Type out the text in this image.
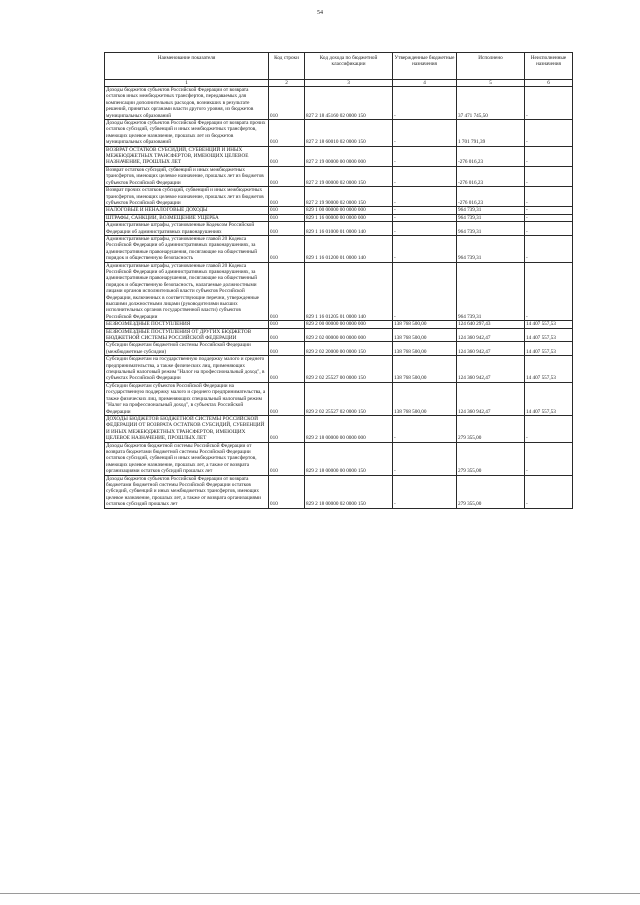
54
Наименование показателя	Код строки	Код дохода по бюджетной классификации	Утвержденные бюджетные назначения	Исполнено	Неисполненные назначения
1	2	3	4	5	6
Доходы бюджетов субъектов Российской Федерации от возврата остатков иных межбюджетных трансфертов, передаваемых для компенсации дополнительных расходов, возникших в результате решений, принятых органами власти другого уровня, из бюджетов муниципальных образований	010	827 2 18 45160 02 0000 150	-	37 471 745,50	-
Доходы бюджетов субъектов Российской Федерации от возврата прочих остатков субсидий, субвенций и иных межбюджетных трансфертов, имеющих целевое назначение, прошлых лет из бюджетов муниципальных образований	010	827 2 18 60010 02 0000 150	-	1 701 791,39	-
ВОЗВРАТ ОСТАТКОВ СУБСИДИЙ, СУБВЕНЦИЙ И ИНЫХ МЕЖБЮДЖЕТНЫХ ТРАНСФЕРТОВ, ИМЕЮЩИХ ЦЕЛЕВОЕ НАЗНАЧЕНИЕ, ПРОШЛЫХ ЛЕТ	010	827 2 19 00000 00 0000 000	-	-276 016,23	-
Возврат остатков субсидий, субвенций и иных межбюджетных трансфертов, имеющих целевое назначение, прошлых лет из бюджетов субъектов Российской Федерации	010	827 2 19 00000 02 0000 150	-	-276 016,23	-
Возврат прочих остатков субсидий, субвенций и иных межбюджетных трансфертов, имеющих целевое назначение, прошлых лет из бюджетов субъектов Российской Федерации	010	827 2 19 90000 02 0000 150	-	-276 016,23	-
НАЛОГОВЫЕ И НЕНАЛОГОВЫЕ ДОХОДЫ	010	829 1 00 00000 00 0000 000	-	964 739,31	-
ШТРАФЫ, САНКЦИИ, ВОЗМЕЩЕНИЕ УЩЕРБА	010	829 1 16 00000 00 0000 000	-	964 739,31	-
Административные штрафы, установленные Кодексом Российской Федерации об административных правонарушениях	010	829 1 16 01000 01 0000 140	-	964 739,31	-
Административные штрафы, установленные главой 20 Кодекса Российской Федерации об административных правонарушениях, за административные правонарушения, посягающие на общественный порядок и общественную безопасность	010	829 1 16 01200 01 0000 140	-	964 739,31	-
Административные штрафы, установленные главой 20 Кодекса Российской Федерации об административных правонарушениях, за административные правонарушения, посягающие на общественный порядок и общественную безопасность, налагаемые должностными лицами органов исполнительной власти субъектов Российской Федерации, включенных в соответствующие перечни, утвержденные высшими должностными лицами (руководителями высших исполнительных органов государственной власти) субъектов Российской Федерации	010	829 1 16 01205 01 0000 140	-	964 739,31	-
БЕЗВОЗМЕЗДНЫЕ ПОСТУПЛЕНИЯ	010	829 2 00 00000 00 0000 000	138 768 500,00	124 640 297,43	14 407 557,53
БЕЗВОЗМЕЗДНЫЕ ПОСТУПЛЕНИЯ ОТ ДРУГИХ БЮДЖЕТОВ БЮДЖЕТНОЙ СИСТЕМЫ РОССИЙСКОЙ ФЕДЕРАЦИИ	010	829 2 02 00000 00 0000 000	138 768 500,00	124 360 942,47	14 407 557,53
Субсидии бюджетам бюджетной системы Российской Федерации (межбюджетные субсидии)	010	829 2 02 20000 00 0000 150	138 768 500,00	124 360 942,47	14 407 557,53
Субсидии бюджетам на государственную поддержку малого и среднего предпринимательства, а также физических лиц, применяющих специальный налоговый режим "Налог на профессиональный доход", в субъектах Российской Федерации	010	829 2 02 25527 00 0000 150	138 768 500,00	124 360 942,47	14 407 557,53
Субсидии бюджетам субъектов Российской Федерации на государственную поддержку малого и среднего предпринимательства, а также физических лиц, применяющих специальный налоговый режим "Налог на профессиональный доход", в субъектах Российской Федерации	010	829 2 02 25527 02 0000 150	138 768 500,00	124 360 942,47	14 407 557,53
ДОХОДЫ БЮДЖЕТОВ БЮДЖЕТНОЙ СИСТЕМЫ РОССИЙСКОЙ ФЕДЕРАЦИИ ОТ ВОЗВРАТА ОСТАТКОВ СУБСИДИЙ, СУБВЕНЦИЙ И ИНЫХ МЕЖБЮДЖЕТНЫХ ТРАНСФЕРТОВ, ИМЕЮЩИХ ЦЕЛЕВОЕ НАЗНАЧЕНИЕ, ПРОШЛЫХ ЛЕТ	010	829 2 18 00000 00 0000 000	-	279 355,00	-
Доходы бюджетов бюджетной системы Российской Федерации от возврата бюджетами бюджетной системы Российской Федерации остатков субсидий, субвенций и иных межбюджетных трансфертов, имеющих целевое назначение, прошлых лет, а также от возврата организациями остатков субсидий прошлых лет	010	829 2 18 00000 00 0000 150	-	279 355,00	-
Доходы бюджетов субъектов Российской Федерации от возврата бюджетами бюджетной системы Российской Федерации остатков субсидий, субвенций и иных межбюджетных трансфертов, имеющих целевое назначение, прошлых лет, а также от возврата организациями остатков субсидий прошлых лет	010	829 2 18 00000 02 0000 150	-	279 355,00	-
